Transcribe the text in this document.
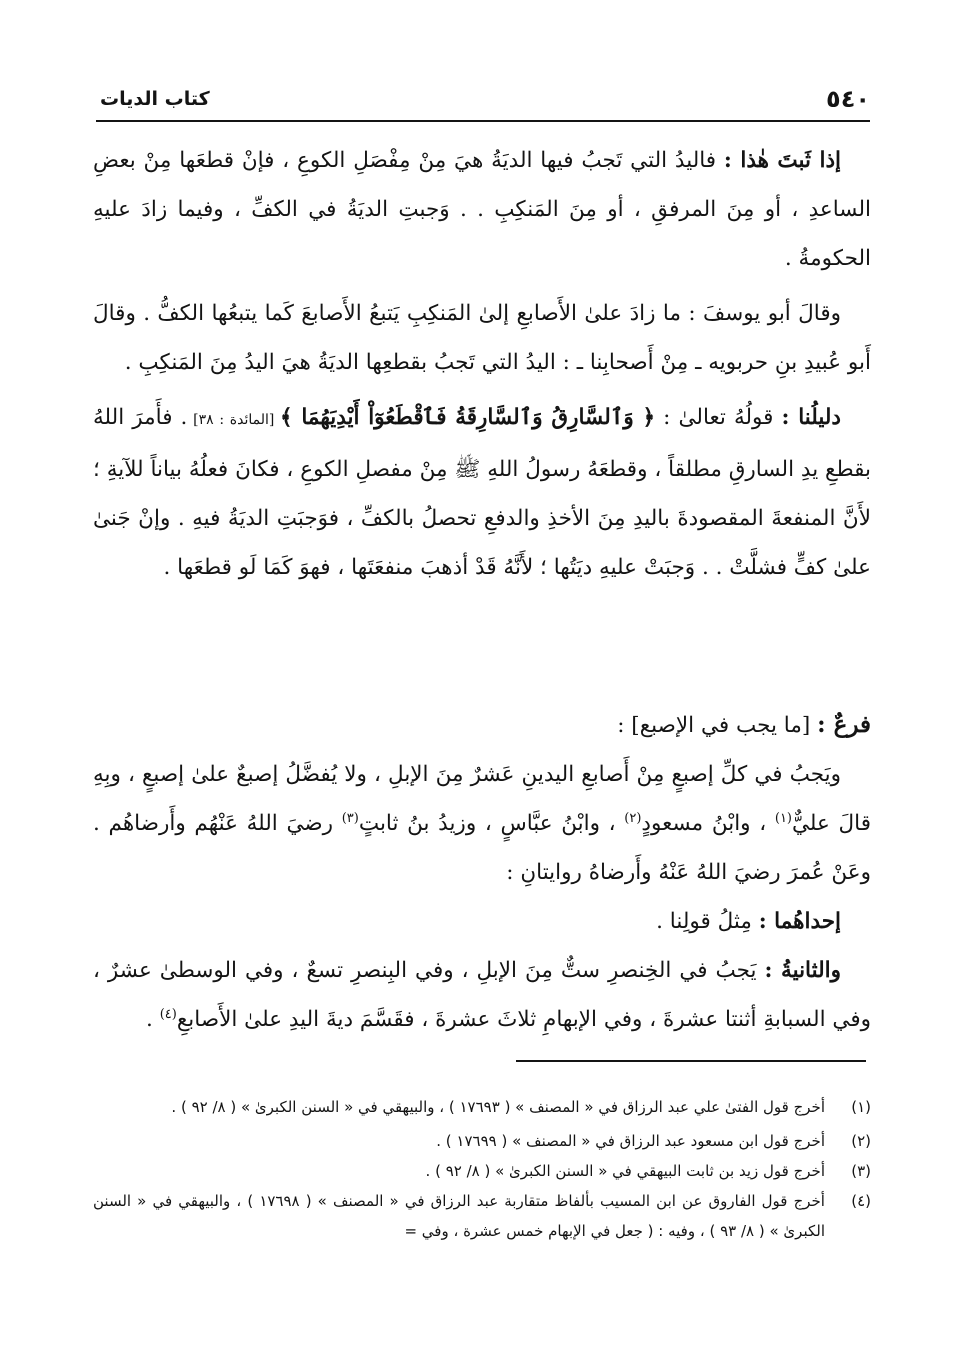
٥٤٠
كتاب الديات

إذا ثَبتَ هٰذا : فاليدُ التي تَجبُ فيها الديَةُ هيَ مِنْ مِفْصَلِ الكوعِ ، فإنْ قطعَها مِنْ بعضِ الساعدِ ، أو مِنَ المرفقِ ، أو مِنَ المَنكِبِ . . وَجبتِ الديَةُ في الكفِّ ، وفيما زادَ عليهِ الحكومةُ .

وقالَ أبو يوسفَ : ما زادَ علىٰ الأَصابعِ إلىٰ المَنكِبِ يَتبعُ الأَصابعَ كَما يتبعُها الكفُّ . وقالَ أَبو عُبيدِ بنِ حربويه ـ مِنْ أَصحابِنا ـ : اليدُ التي تَجبُ بقطعِها الديَةُ هيَ اليدُ مِنَ المَنكِبِ .

دليلُنا : قولُهُ تعالىٰ : ﴿ وَٱلسَّارِقُ وَٱلسَّارِقَةُ فَٱقْطَعُوٓاْ أَيْدِيَهُمَا ﴾ [المائدة : ٣٨] . فأَمرَ اللهُ بقطعِ يدِ السارقِ مطلقاً ، وقطعَهُ رسولُ اللهِ ﷺ مِنْ مفصلِ الكوعِ ، فكانَ فعلُهُ بياناً للآيةِ ؛ لأَنَّ المنفعةَ المقصودةَ باليدِ مِنَ الأخذِ والدفعِ تحصلُ بالكفِّ ، فوَجبَتِ الديَةُ فيهِ . وإنْ جَنىٰ علىٰ كفٍّ فشلَّتْ . . وَجبَتْ عليهِ ديَتُها ؛ لأَنَّهُ قَدْ أذهبَ منفعَتَها ، فهوَ كَمَا لَو قطعَها .

فرعٌ : [ما يجب في الإصبع] :

ويَجبُ في كلِّ إصبعٍ مِنْ أَصابعِ اليدينِ عَشرٌ مِنَ الإبلِ ، ولا يُفضَّلُ إصبعٌ علىٰ إصبعٍ ، وبِهِ قالَ عليٌّ$^{(١)}$ ، وابْنُ مسعودٍ$^{(٢)}$ ، وابْنُ عبَّاسٍ ، وزيدُ بنُ ثابتٍ$^{(٣)}$ رضيَ اللهُ عَنْهُم وأَرضاهُم . وعَنْ عُمرَ رضيَ اللهُ عَنْهُ وأَرضاهُ روايتانِ :

إحداهُما : مِثلُ قولِنا .

والثانيةُ : يَجبُ في الخِنصرِ ستٌّ مِنَ الإبلِ ، وفي البِنصرِ تسعٌ ، وفي الوسطىٰ عشرٌ ، وفي السبابةِ أثنتا عشرةَ ، وفي الإبهامِ ثلاثَ عشرةَ ، فقَسَّمَ ديةَ اليدِ علىٰ الأَصابعِ$^{(٤)}$ .

(١)
أخرج قول الفتىٰ علي عبد الرزاق في « المصنف » ( ١٧٦٩٣ ) ، والبيهقي في « السنن الكبرىٰ » ( ٨/ ٩٢ ) .

(٢)
أخرج قول ابن مسعود عبد الرزاق في « المصنف » ( ١٧٦٩٩ ) .

(٣)
أخرج قول زيد بن ثابت البيهقي في « السنن الكبرىٰ » ( ٨/ ٩٢ ) .

(٤)
أخرج قول الفاروق عن ابن المسيب بألفاظ متقاربة عبد الرزاق في « المصنف » ( ١٧٦٩٨ ) ، والبيهقي في « السنن الكبرىٰ » ( ٨/ ٩٣ ) ، وفيه : ( جعل في الإبهام خمس عشرة ، وفي =
